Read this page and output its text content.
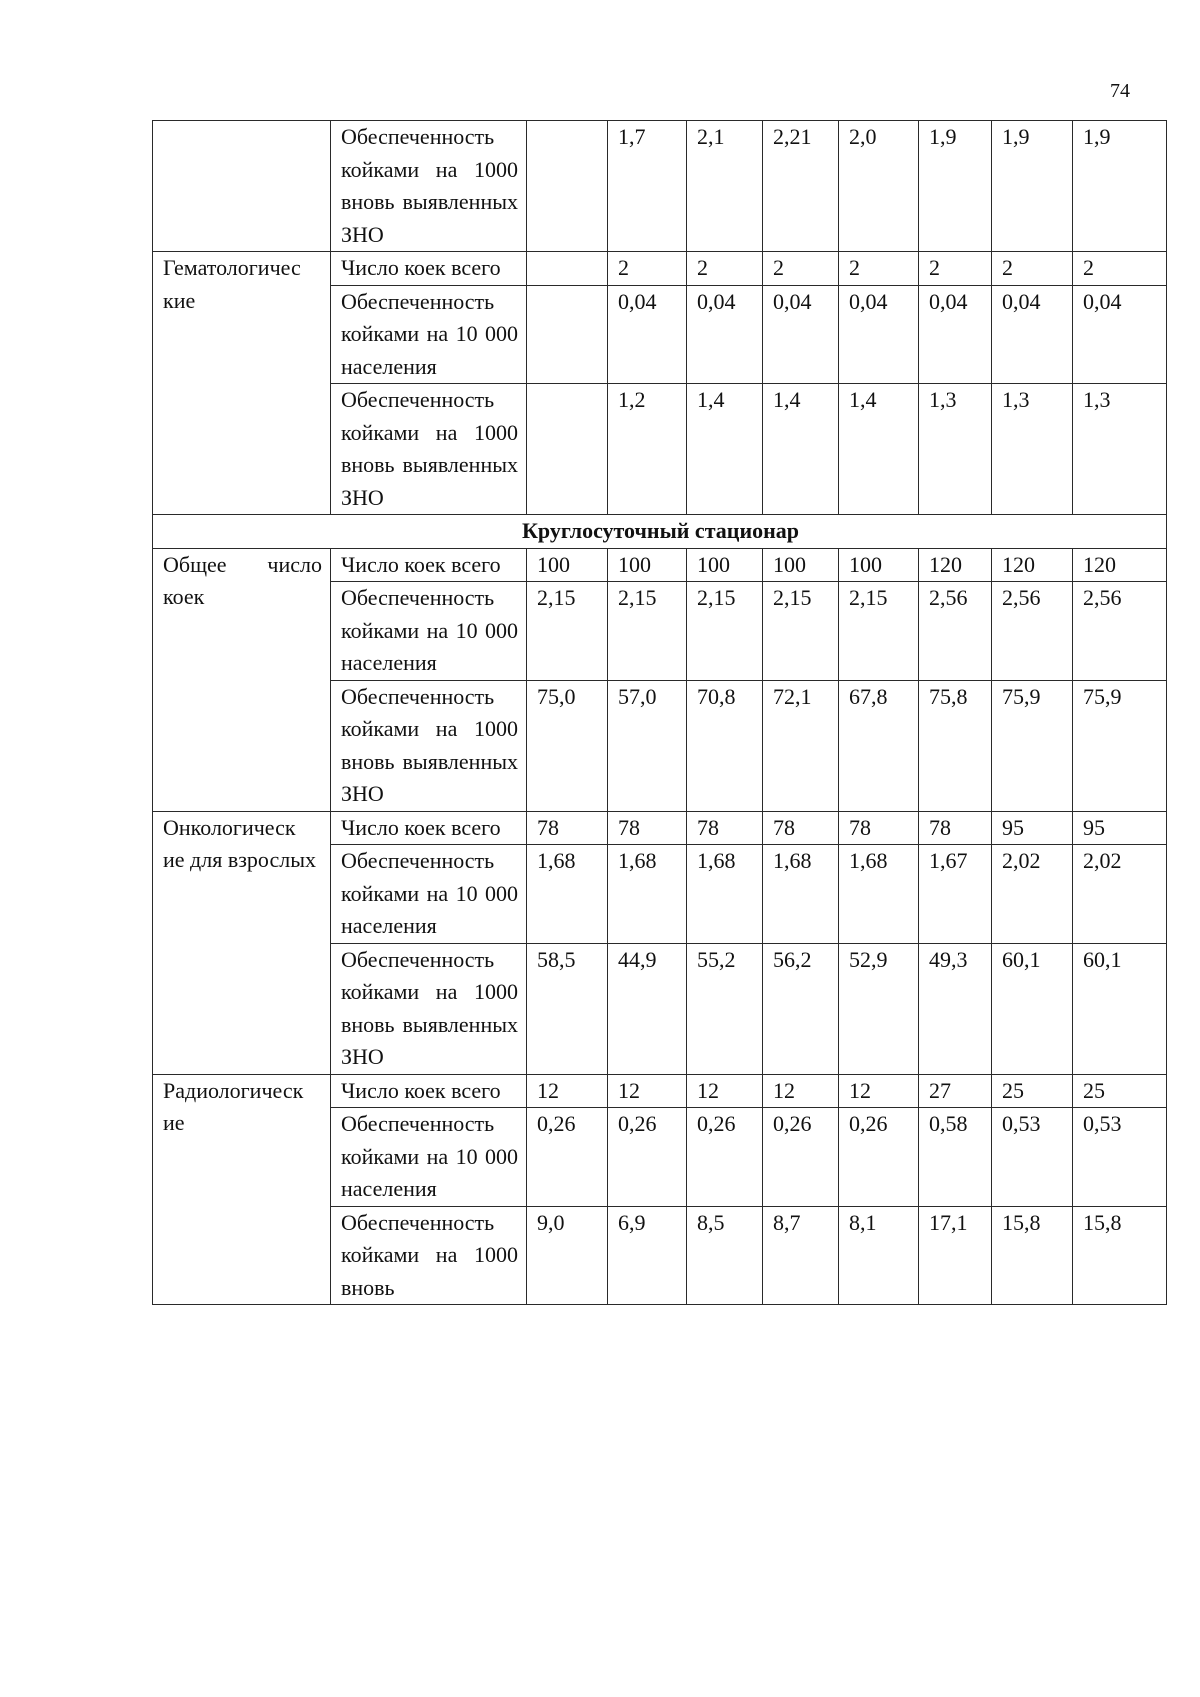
74
	Обеспеченность койками на 1000 вновь выявленных ЗНО		1,7	2,1	2,21	2,0	1,9	1,9	1,9
Гематологичес кие	Число коек всего		2	2	2	2	2	2	2
	Обеспеченность койками на 10 000 населения		0,04	0,04	0,04	0,04	0,04	0,04	0,04
	Обеспеченность койками на 1000 вновь выявленных ЗНО		1,2	1,4	1,4	1,4	1,3	1,3	1,3
Круглосуточный стационар									
Общее число коек	Число коек всего	100	100	100	100	100	120	120	120
	Обеспеченность койками на 10 000 населения	2,15	2,15	2,15	2,15	2,15	2,56	2,56	2,56
	Обеспеченность койками на 1000 вновь выявленных ЗНО	75,0	57,0	70,8	72,1	67,8	75,8	75,9	75,9
Онкологическ ие для взрослых	Число коек всего	78	78	78	78	78	78	95	95
	Обеспеченность койками на 10 000 населения	1,68	1,68	1,68	1,68	1,68	1,67	2,02	2,02
	Обеспеченность койками на 1000 вновь выявленных ЗНО	58,5	44,9	55,2	56,2	52,9	49,3	60,1	60,1
Радиологическ ие	Число коек всего	12	12	12	12	12	27	25	25
	Обеспеченность койками на 10 000 населения	0,26	0,26	0,26	0,26	0,26	0,58	0,53	0,53
	Обеспеченность койками на 1000 вновь	9,0	6,9	8,5	8,7	8,1	17,1	15,8	15,8
